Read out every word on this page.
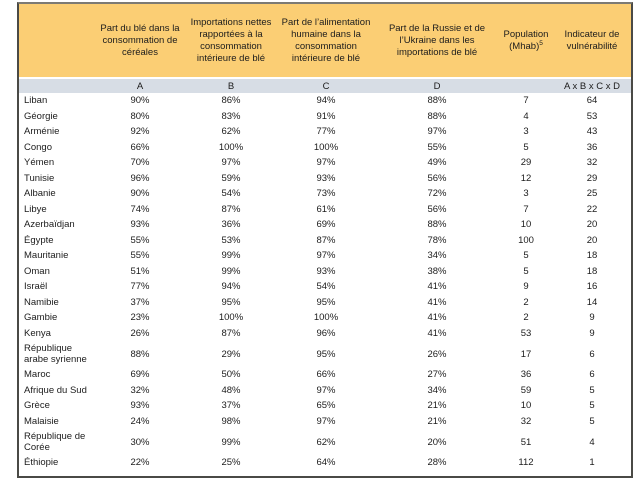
	Part du blé dans la consommation de céréales	Importations nettes rapportées à la consommation intérieure de blé	Part de l’alimentation humaine dans la consommation intérieure de blé	Part de la Russie et de l’Ukraine dans les importations de blé	Population (Mhab)$^5$	Indicateur de vulnérabilité
	A	B	C	D		A x B x C x D
Liban	90%	86%	94%	88%	7	64
Géorgie	80%	83%	91%	88%	4	53
Arménie	92%	62%	77%	97%	3	43
Congo	66%	100%	100%	55%	5	36
Yémen	70%	97%	97%	49%	29	32
Tunisie	96%	59%	93%	56%	12	29
Albanie	90%	54%	73%	72%	3	25
Libye	74%	87%	61%	56%	7	22
Azerbaïdjan	93%	36%	69%	88%	10	20
Égypte	55%	53%	87%	78%	100	20
Mauritanie	55%	99%	97%	34%	5	18
Oman	51%	99%	93%	38%	5	18
Israël	77%	94%	54%	41%	9	16
Namibie	37%	95%	95%	41%	2	14
Gambie	23%	100%	100%	41%	2	9
Kenya	26%	87%	96%	41%	53	9
République arabe syrienne	88%	29%	95%	26%	17	6
Maroc	69%	50%	66%	27%	36	6
Afrique du Sud	32%	48%	97%	34%	59	5
Grèce	93%	37%	65%	21%	10	5
Malaisie	24%	98%	97%	21%	32	5
République de Corée	30%	99%	62%	20%	51	4
Éthiopie	22%	25%	64%	28%	112	1
